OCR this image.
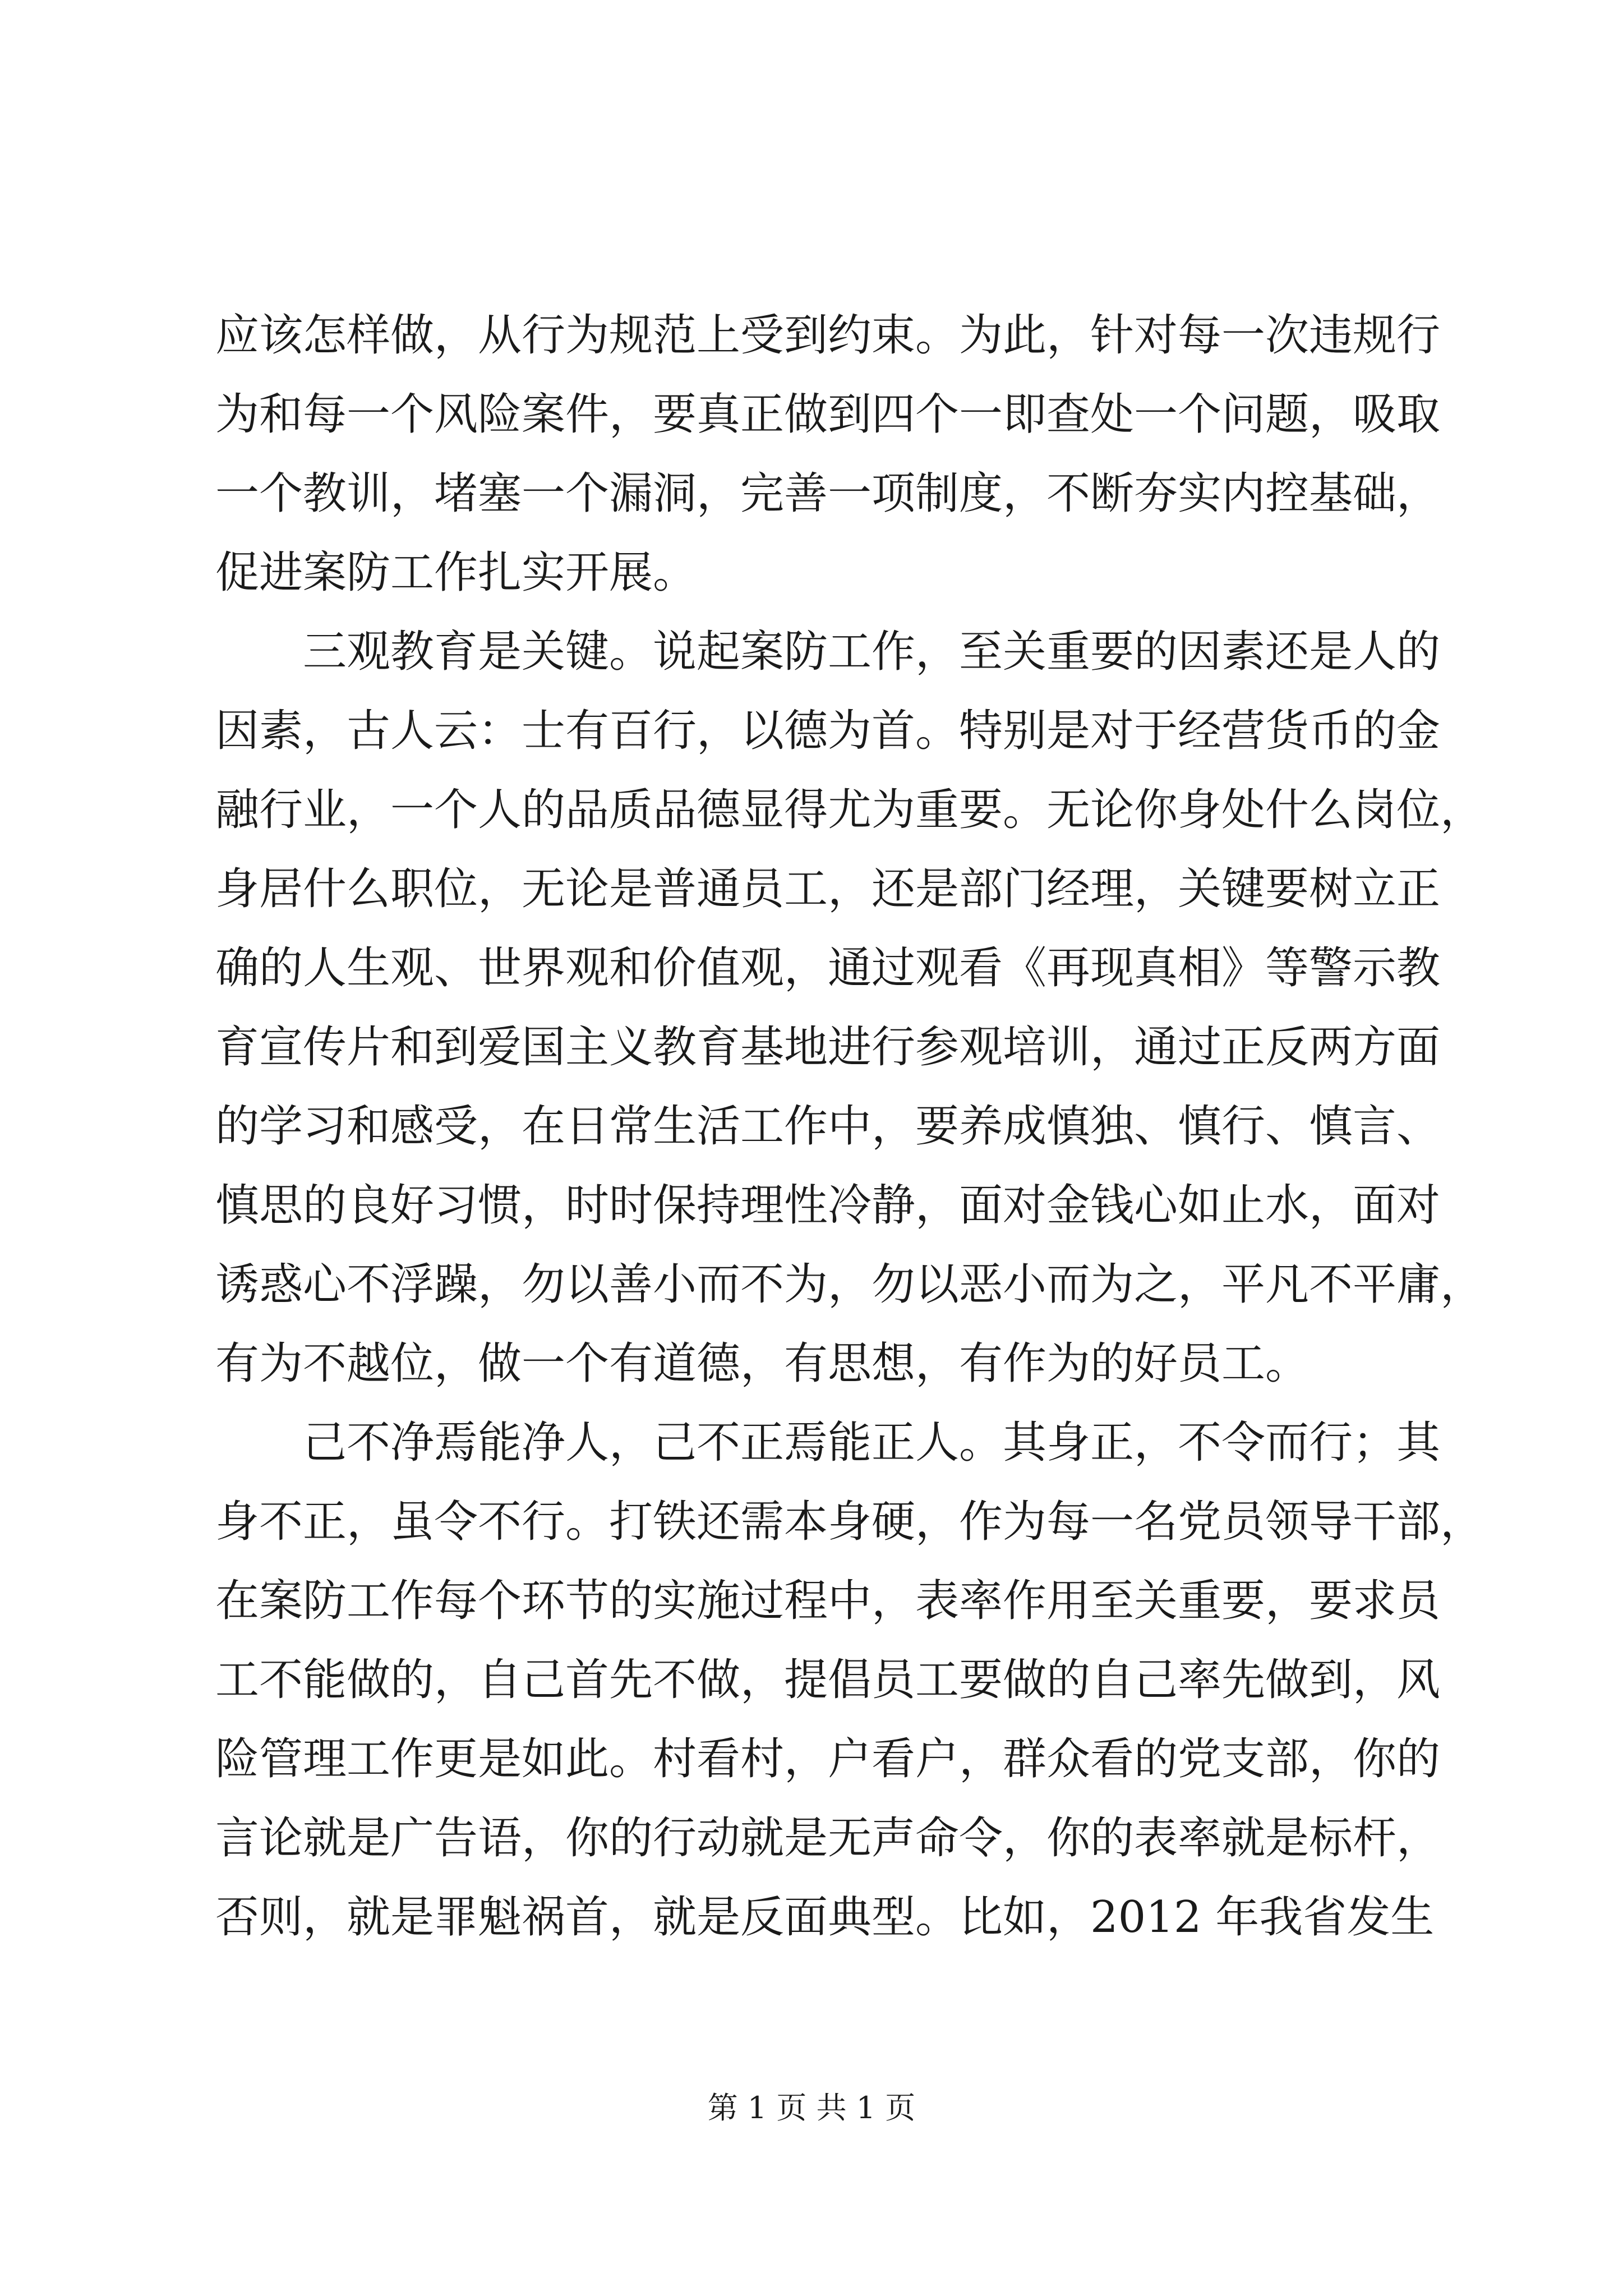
应该怎样做，从行为规范上受到约束。为此，针对每一次违规行
为和每一个风险案件，要真正做到四个一即查处一个问题，吸取
一个教训，堵塞一个漏洞，完善一项制度，不断夯实内控基础，
促进案防工作扎实开展。
三观教育是关键。说起案防工作，至关重要的因素还是人的
因素，古人云：士有百行，以德为首。特别是对于经营货币的金
融行业，一个人的品质品德显得尤为重要。无论你身处什么岗位，
身居什么职位，无论是普通员工，还是部门经理，关键要树立正
确的人生观、世界观和价值观，通过观看《再现真相》等警示教
育宣传片和到爱国主义教育基地进行参观培训，通过正反两方面
的学习和感受，在日常生活工作中，要养成慎独、慎行、慎言、
慎思的良好习惯，时时保持理性冷静，面对金钱心如止水，面对
诱惑心不浮躁，勿以善小而不为，勿以恶小而为之，平凡不平庸，
有为不越位，做一个有道德，有思想，有作为的好员工。
己不净焉能净人，己不正焉能正人。其身正，不令而行；其
身不正，虽令不行。打铁还需本身硬，作为每一名党员领导干部，
在案防工作每个环节的实施过程中，表率作用至关重要，要求员
工不能做的，自己首先不做，提倡员工要做的自己率先做到，风
险管理工作更是如此。村看村，户看户，群众看的党支部，你的
言论就是广告语，你的行动就是无声命令，你的表率就是标杆，
否则，就是罪魁祸首，就是反面典型。比如，2012 年我省发生
第 1 页 共 1 页
